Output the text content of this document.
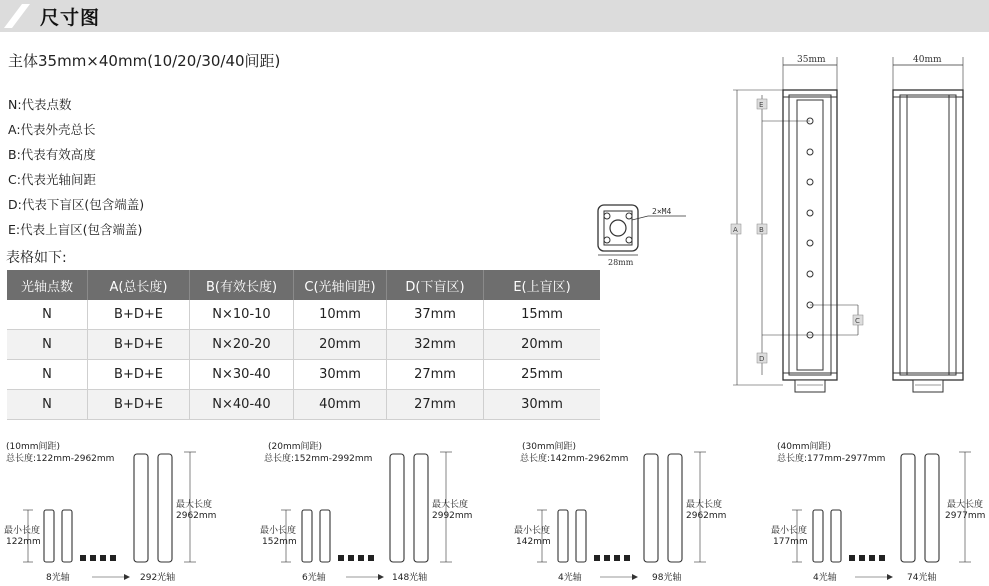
尺寸图
主体35mm×40mm(10/20/30/40间距)
N:代表点数
A:代表外壳总长
B:代表有效高度
C:代表光轴间距
D:代表下盲区(包含端盖)
E:代表上盲区(包含端盖)
表格如下:
光轴点数	A(总长度)	B(有效长度)	C(光轴间距)	D(下盲区)	E(上盲区)
N	B+D+E	N×10-10	10mm	37mm	15mm
N	B+D+E	N×20-20	20mm	32mm	20mm
N	B+D+E	N×30-40	30mm	27mm	25mm
N	B+D+E	N×40-40	40mm	27mm	30mm
2×M4
28mm
35mm	40mm
A
E
B
D
C
(10mm间距)
总长度:122mm-2962mm
最大长度
2962mm
最小长度
122mm
8光轴	292光轴
(20mm间距)
总长度:152mm-2992mm
最大长度
2992mm
最小长度
152mm
6光轴	148光轴
(30mm间距)
总长度:142mm-2962mm
最大长度
2962mm
最小长度
142mm
4光轴	98光轴
(40mm间距)
总长度:177mm-2977mm
最大长度
2977mm
最小长度
177mm
4光轴	74光轴
